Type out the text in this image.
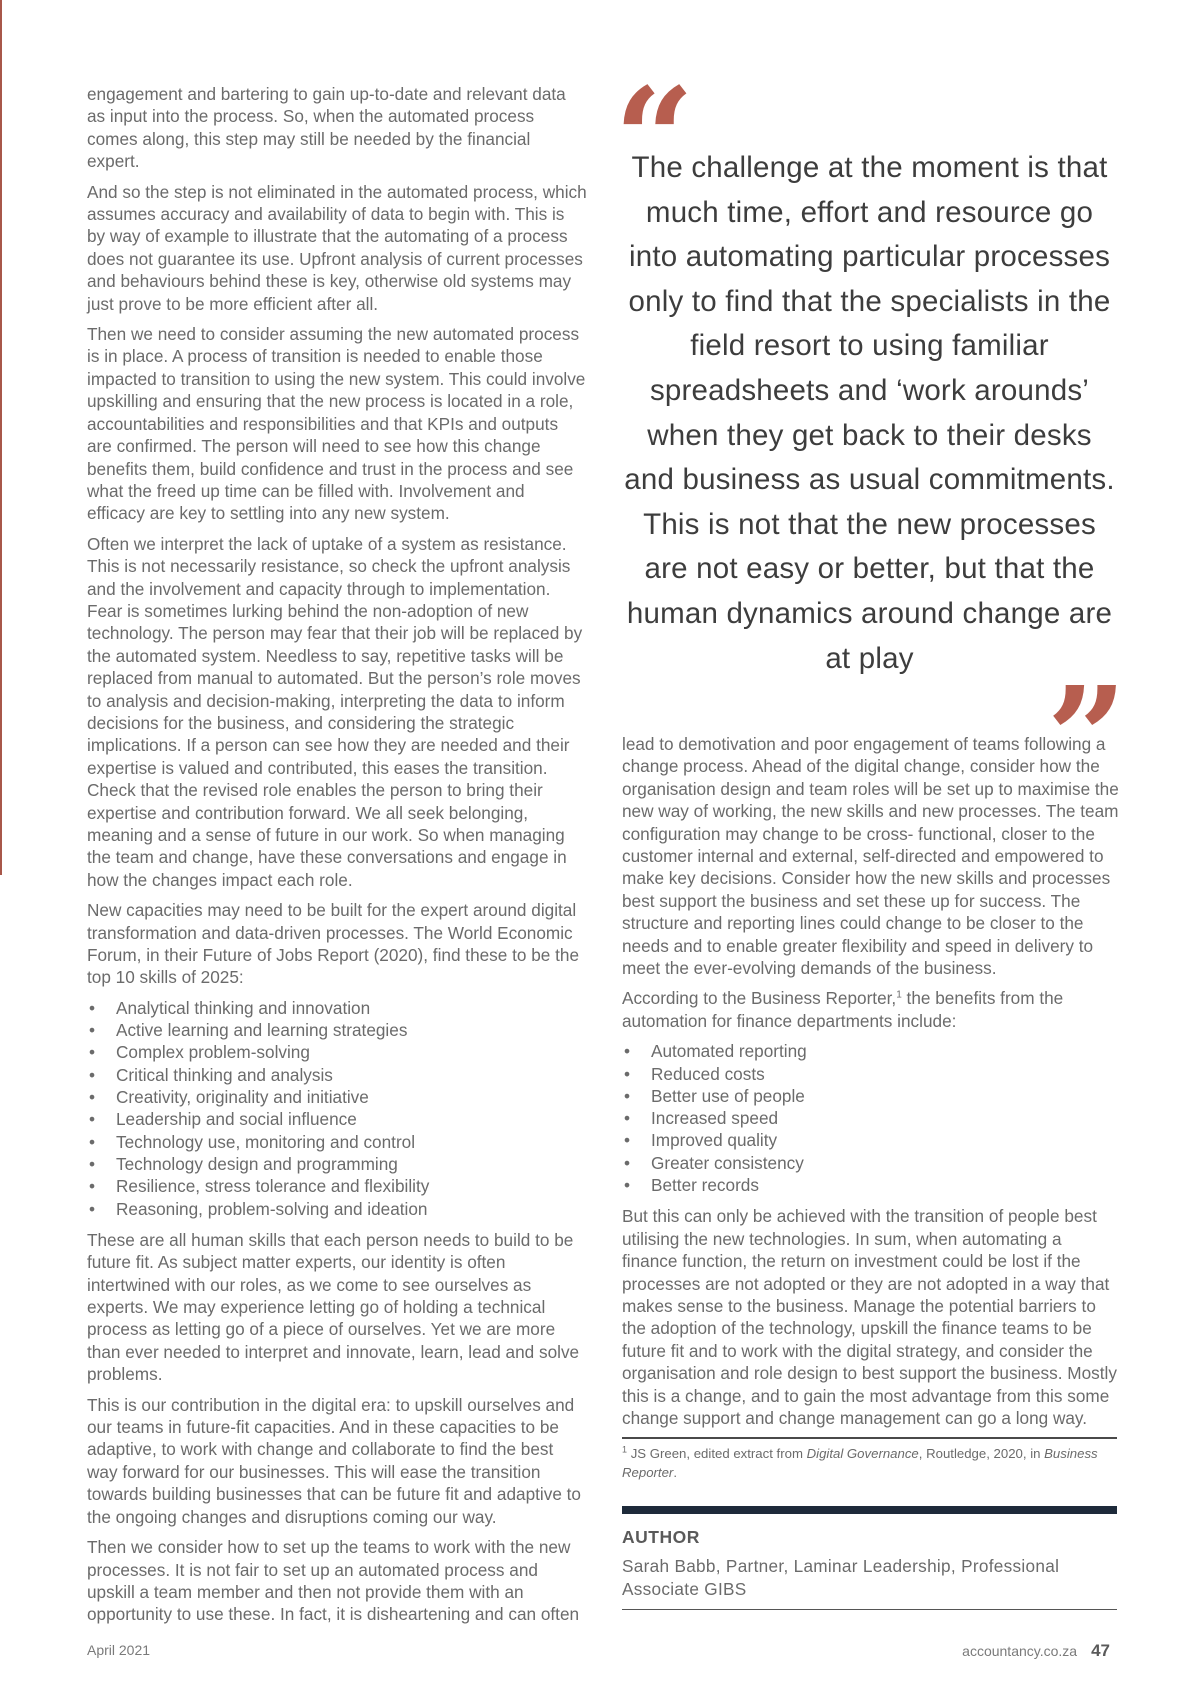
engagement and bartering to gain up-to-date and relevant data as input into the process. So, when the automated process comes along, this step may still be needed by the financial expert.

And so the step is not eliminated in the automated process, which assumes accuracy and availability of data to begin with. This is by way of example to illustrate that the automating of a process does not guarantee its use. Upfront analysis of current processes and behaviours behind these is key, otherwise old systems may just prove to be more efficient after all.

Then we need to consider assuming the new automated process is in place. A process of transition is needed to enable those impacted to transition to using the new system. This could involve upskilling and ensuring that the new process is located in a role, accountabilities and responsibilities and that KPIs and outputs are confirmed. The person will need to see how this change benefits them, build confidence and trust in the process and see what the freed up time can be filled with. Involvement and efficacy are key to settling into any new system.

Often we interpret the lack of uptake of a system as resistance. This is not necessarily resistance, so check the upfront analysis and the involvement and capacity through to implementation. Fear is sometimes lurking behind the non-adoption of new technology. The person may fear that their job will be replaced by the automated system. Needless to say, repetitive tasks will be replaced from manual to automated. But the person’s role moves to analysis and decision-making, interpreting the data to inform decisions for the business, and considering the strategic implications. If a person can see how they are needed and their expertise is valued and contributed, this eases the transition. Check that the revised role enables the person to bring their expertise and contribution forward. We all seek belonging, meaning and a sense of future in our work. So when managing the team and change, have these conversations and engage in how the changes impact each role.

New capacities may need to be built for the expert around digital transformation and data-driven processes. The World Economic Forum, in their Future of Jobs Report (2020), find these to be the top 10 skills of 2025:

• Analytical thinking and innovation
• Active learning and learning strategies
• Complex problem-solving
• Critical thinking and analysis
• Creativity, originality and initiative
• Leadership and social influence
• Technology use, monitoring and control
• Technology design and programming
• Resilience, stress tolerance and flexibility
• Reasoning, problem-solving and ideation

These are all human skills that each person needs to build to be future fit. As subject matter experts, our identity is often intertwined with our roles, as we come to see ourselves as experts. We may experience letting go of holding a technical process as letting go of a piece of ourselves. Yet we are more than ever needed to interpret and innovate, learn, lead and solve problems.

This is our contribution in the digital era: to upskill ourselves and our teams in future-fit capacities. And in these capacities to be adaptive, to work with change and collaborate to find the best way forward for our businesses. This will ease the transition towards building businesses that can be future fit and adaptive to the ongoing changes and disruptions coming our way.

Then we consider how to set up the teams to work with the new processes. It is not fair to set up an automated process and upskill a team member and then not provide them with an opportunity to use these. In fact, it is disheartening and can often

“

The challenge at the moment is that much time, effort and resource go into automating particular processes only to find that the specialists in the field resort to using familiar spreadsheets and ‘work arounds’ when they get back to their desks and business as usual commitments. This is not that the new processes are not easy or better, but that the human dynamics around change are at play ”

lead to demotivation and poor engagement of teams following a change process. Ahead of the digital change, consider how the organisation design and team roles will be set up to maximise the new way of working, the new skills and new processes. The team configuration may change to be cross- functional, closer to the customer internal and external, self-directed and empowered to make key decisions. Consider how the new skills and processes best support the business and set these up for success. The structure and reporting lines could change to be closer to the needs and to enable greater flexibility and speed in delivery to meet the ever-evolving demands of the business.

According to the Business Reporter,$^1$ the benefits from the automation for finance departments include:

• Automated reporting
• Reduced costs
• Better use of people
• Increased speed
• Improved quality
• Greater consistency
• Better records

But this can only be achieved with the transition of people best utilising the new technologies. In sum, when automating a finance function, the return on investment could be lost if the processes are not adopted or they are not adopted in a way that makes sense to the business. Manage the potential barriers to the adoption of the technology, upskill the finance teams to be future fit and to work with the digital strategy, and consider the organisation and role design to best support the business. Mostly this is a change, and to gain the most advantage from this some change support and change management can go a long way.

$^1$ JS Green, edited extract from Digital Governance, Routledge, 2020, in Business Reporter.

AUTHOR

Sarah Babb, Partner, Laminar Leadership, Professional Associate GIBS

April 2021	accountancy.co.za 47
